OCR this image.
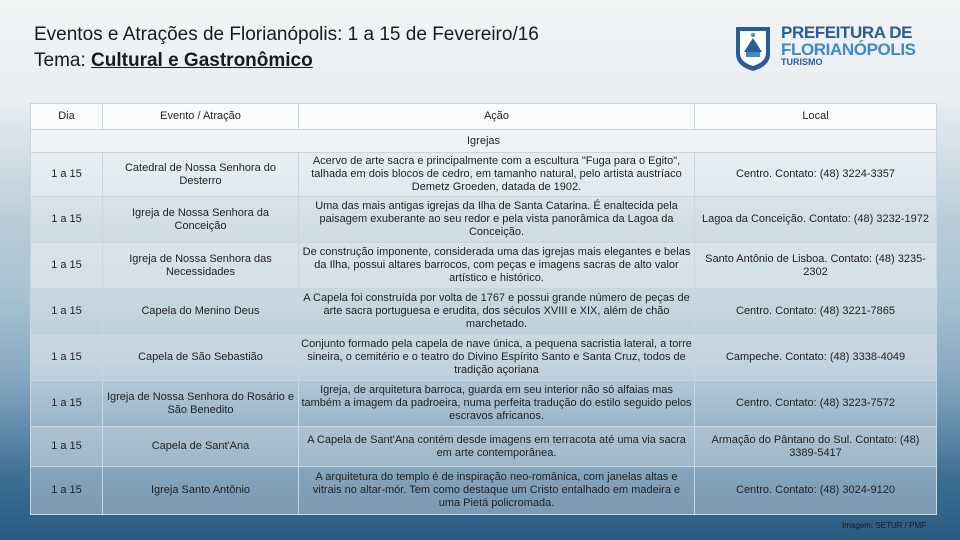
Eventos e Atrações de Florianópolis: 1 a 15 de Fevereiro/16
Tema: Cultural e Gastronômico
PREFEITURA DE
FLORIANÓPOLIS
TURISMO
Dia	Evento / Atração	Ação	Local
Igrejas			
1 a 15	Catedral de Nossa Senhora do Desterro	Acervo de arte sacra e principalmente com a escultura "Fuga para o Egito", talhada em dois blocos de cedro, em tamanho natural, pelo artista austríaco Demetz Groeden, datada de 1902.	Centro. Contato: (48) 3224-3357
1 a 15	Igreja de Nossa Senhora da Conceição	Uma das mais antigas igrejas da Ilha de Santa Catarina. É enaltecida pela paisagem exuberante ao seu redor e pela vista panorâmica da Lagoa da Conceição.	Lagoa da Conceição. Contato: (48) 3232-1972
1 a 15	Igreja de Nossa Senhora das Necessidades	De construção imponente, considerada uma das igrejas mais elegantes e belas da Ilha, possui altares barrocos, com peças e imagens sacras de alto valor artístico e histórico.	Santo Antônio de Lisboa. Contato: (48) 3235-2302
1 a 15	Capela do Menino Deus	A Capela foi construída por volta de 1767 e possui grande número de peças de arte sacra portuguesa e erudita, dos séculos XVIII e XIX, além de chão marchetado.	Centro. Contato: (48) 3221-7865
1 a 15	Capela de São Sebastião	Conjunto formado pela capela de nave única, a pequena sacristia lateral, a torre sineira, o cemitério e o teatro do Divino Espírito Santo e Santa Cruz, todos de tradição açoriana	Campeche. Contato: (48) 3338-4049
1 a 15	Igreja de Nossa Senhora do Rosário e São Benedito	Igreja, de arquitetura barroca, guarda em seu interior não só alfaias mas também a imagem da padroeira, numa perfeita tradução do estilo seguido pelos escravos africanos.	Centro. Contato: (48) 3223-7572
1 a 15	Capela de Sant'Ana	A Capela de Sant'Ana contém desde imagens em terracota até uma via sacra em arte contemporânea.	Armação do Pântano do Sul. Contato: (48) 3389-5417
1 a 15	Igreja Santo Antônio	A arquitetura do templo é de inspiração neo-românica, com janelas altas e vitrais no altar-mór. Tem como destaque um Cristo entalhado em madeira e uma Pietá policromada.	Centro. Contato: (48) 3024-9120
Imagem: SETUR / PMF
